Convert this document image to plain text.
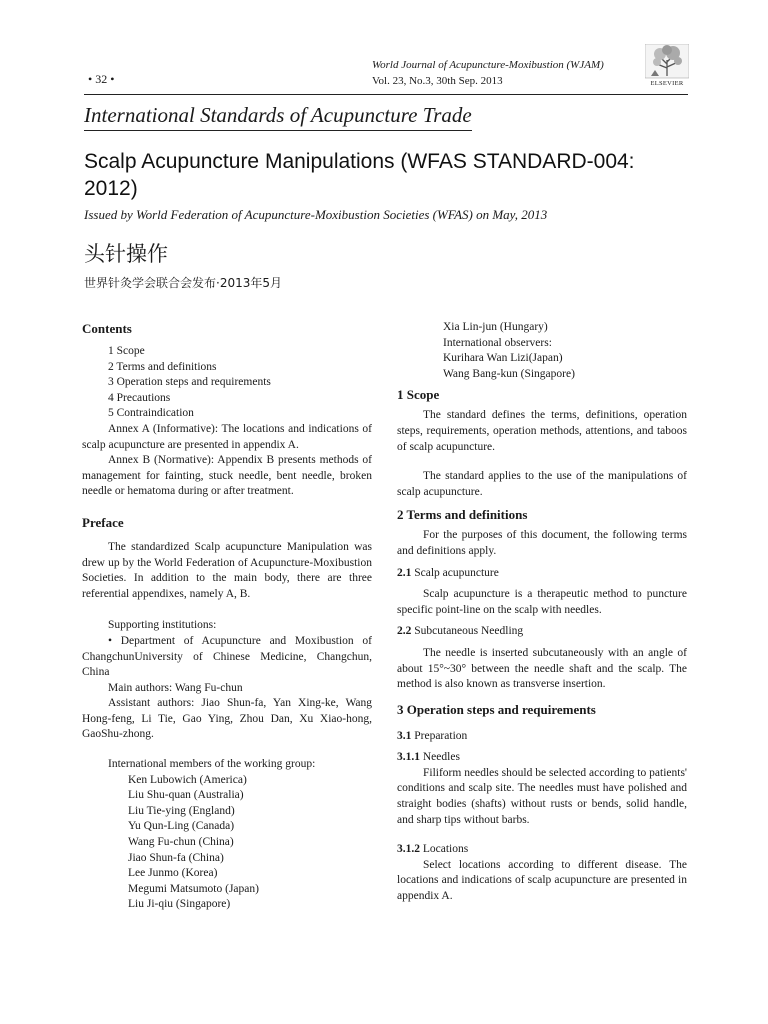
• 32 •
World Journal of Acupuncture-Moxibustion (WJAM)
Vol. 23, No.3, 30th Sep. 2013	ELSEVIER
International Standards of Acupuncture Trade
Scalp Acupuncture Manipulations (WFAS STANDARD-004: 2012)
Issued by World Federation of Acupuncture-Moxibustion Societies (WFAS) on May, 2013
头针操作
世界针灸学会联合会发布·2013年5月
Contents
1 Scope
2 Terms and definitions
3 Operation steps and requirements
4 Precautions
5 Contraindication

Annex A (Informative): The locations and indications of scalp acupuncture are presented in appendix A.

Annex B (Normative): Appendix B presents methods of management for fainting, stuck needle, bent needle, broken needle or hematoma during or after treatment.

Preface

The standardized Scalp acupuncture Manipulation was drew up by the World Federation of Acupuncture-Moxibustion Societies. In addition to the main body, there are three referential appendixes, namely A, B.

Supporting institutions:

• Department of Acupuncture and Moxibustion of ChangchunUniversity of Chinese Medicine, Changchun, China

Main authors: Wang Fu-chun

Assistant authors: Jiao Shun-fa, Yan Xing-ke, Wang Hong-feng, Li Tie, Gao Ying, Zhou Dan, Xu Xiao-hong, GaoShu-zhong.

International members of the working group:

Ken Lubowich (America)
Liu Shu-quan (Australia)
Liu Tie-ying (England)
Yu Qun-Ling (Canada)
Wang Fu-chun (China)
Jiao Shun-fa (China)
Lee Junmo (Korea)
Megumi Matsumoto (Japan)
Liu Ji-qiu (Singapore)
Xia Lin-jun (Hungary)
International observers:
Kurihara Wan Lizi(Japan)
Wang Bang-kun (Singapore)
1 Scope

The standard defines the terms, definitions, operation steps, requirements, operation methods, attentions, and taboos of scalp acupuncture.

The standard applies to the use of the manipulations of scalp acupuncture.

2 Terms and definitions

For the purposes of this document, the following terms and definitions apply.

2.1 Scalp acupuncture

Scalp acupuncture is a therapeutic method to puncture specific point-line on the scalp with needles.

2.2 Subcutaneous Needling

The needle is inserted subcutaneously with an angle of about 15°~30° between the needle shaft and the scalp. The method is also known as transverse insertion.

3 Operation steps and requirements

3.1 Preparation

3.1.1 Needles

Filiform needles should be selected according to patients' conditions and scalp site. The needles must have polished and straight bodies (shafts) without rusts or bends, solid handle, and sharp tips without barbs.

3.1.2 Locations

Select locations according to different disease. The locations and indications of scalp acupuncture are presented in appendix A.
